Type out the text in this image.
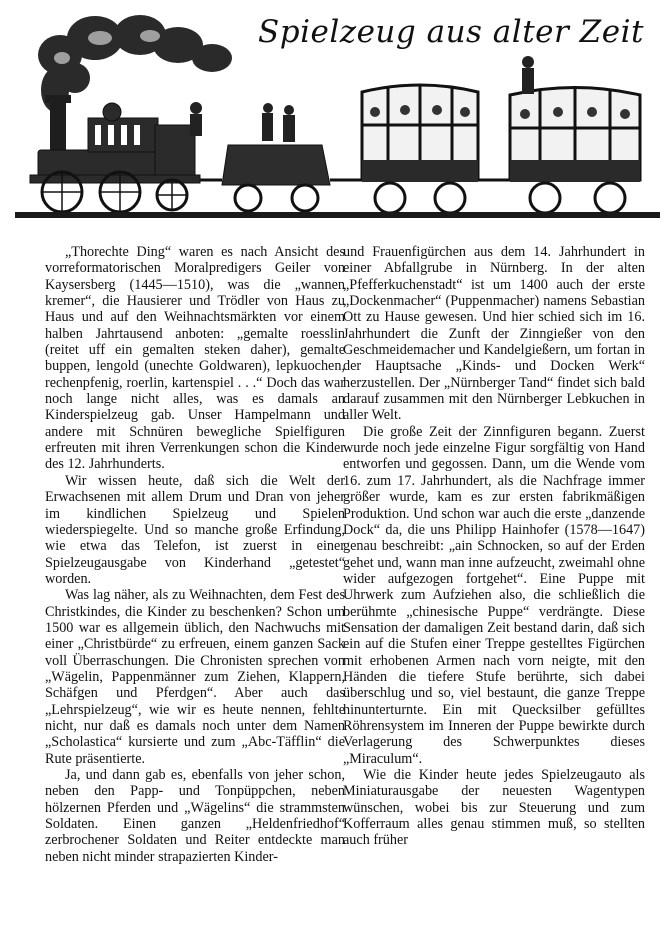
Spielzeug aus alter Zeit

„Thorechte Ding“ waren es nach Ansicht des vorreformatorischen Moralpredigers Geiler von Kaysersberg (1445—1510), was die „wannen kremer“, die Hausierer und Trödler von Haus zu Haus und auf den Weihnachtsmärkten vor einem halben Jahrtausend anboten: „gemalte roesslin (reitet uff ein gemalten steken daher), gemalte buppen, lengold (unechte Goldwaren), lepkuochen, rechenpfenig, roerlin, kartenspiel . . .“ Doch das war noch lange nicht alles, was es damals an Kinderspielzeug gab. Unser Hampelmann und andere mit Schnüren bewegliche Spielfiguren erfreuten mit ihren Verrenkungen schon die Kinder des 12. Jahrhunderts.

Wir wissen heute, daß sich die Welt der Erwachsenen mit allem Drum und Dran von jeher im kindlichen Spielzeug und Spielen wiederspiegelte. Und so manche große Erfindung, wie etwa das Telefon, ist zuerst in einer Spielzeugausgabe von Kinderhand „getestet“ worden.

Was lag näher, als zu Weihnachten, dem Fest des Christkindes, die Kinder zu beschenken? Schon um 1500 war es allgemein üblich, den Nachwuchs mit einer „Christbürde“ zu erfreuen, einem ganzen Sack voll Überraschungen. Die Chronisten sprechen von „Wägelin, Pappenmänner zum Ziehen, Klappern, Schäfgen und Pferdgen“. Aber auch das „Lehrspielzeug“, wie wir es heute nennen, fehlte nicht, nur daß es damals noch unter dem Namen „Scholastica“ kursierte und zum „Abc-Täfflin“ die Rute präsentierte.

Ja, und dann gab es, ebenfalls von jeher schon, neben den Papp- und Tonpüppchen, neben hölzernen Pferden und „Wägelins“ die strammsten Soldaten. Einen ganzen „Heldenfriedhof“ zerbrochener Soldaten und Reiter entdeckte man neben nicht minder strapazierten Kinder-

und Frauenfigürchen aus dem 14. Jahrhundert in einer Abfallgrube in Nürnberg. In der alten „Pfefferkuchenstadt“ ist um 1400 auch der erste „Dockenmacher“ (Puppenmacher) namens Sebastian Ott zu Hause gewesen. Und hier schied sich im 16. Jahrhundert die Zunft der Zinngießer von den Geschmeidemacher und Kandelgießern, um fortan in der Hauptsache „Kinds- und Docken Werk“ herzustellen. Der „Nürnberger Tand“ findet sich bald darauf zusammen mit den Nürnberger Lebkuchen in aller Welt.

Die große Zeit der Zinnfiguren begann. Zuerst wurde noch jede einzelne Figur sorgfältig von Hand entworfen und gegossen. Dann, um die Wende vom 16. zum 17. Jahrhundert, als die Nachfrage immer größer wurde, kam es zur ersten fabrikmäßigen Produktion. Und schon war auch die erste „danzende Dock“ da, die uns Philipp Hainhofer (1578—1647) genau beschreibt: „ain Schnocken, so auf der Erden gehet und, wann man inne aufzeucht, zweimahl ohne wider aufgezogen fortgehet“. Eine Puppe mit Uhrwerk zum Aufziehen also, die schließlich die berühmte „chinesische Puppe“ verdrängte. Diese Sensation der damaligen Zeit bestand darin, daß sich ein auf die Stufen einer Treppe gestelltes Figürchen mit erhobenen Armen nach vorn neigte, mit den Händen die tiefere Stufe berührte, sich dabei überschlug und so, viel bestaunt, die ganze Treppe hinunterturnte. Ein mit Quecksilber gefülltes Röhrensystem im Inneren der Puppe bewirkte durch Verlagerung des Schwerpunktes dieses „Miraculum“.

Wie die Kinder heute jedes Spielzeugauto als Miniaturausgabe der neuesten Wagentypen wünschen, wobei bis zur Steuerung und zum Kofferraum alles genau stimmen muß, so stellten auch früher
